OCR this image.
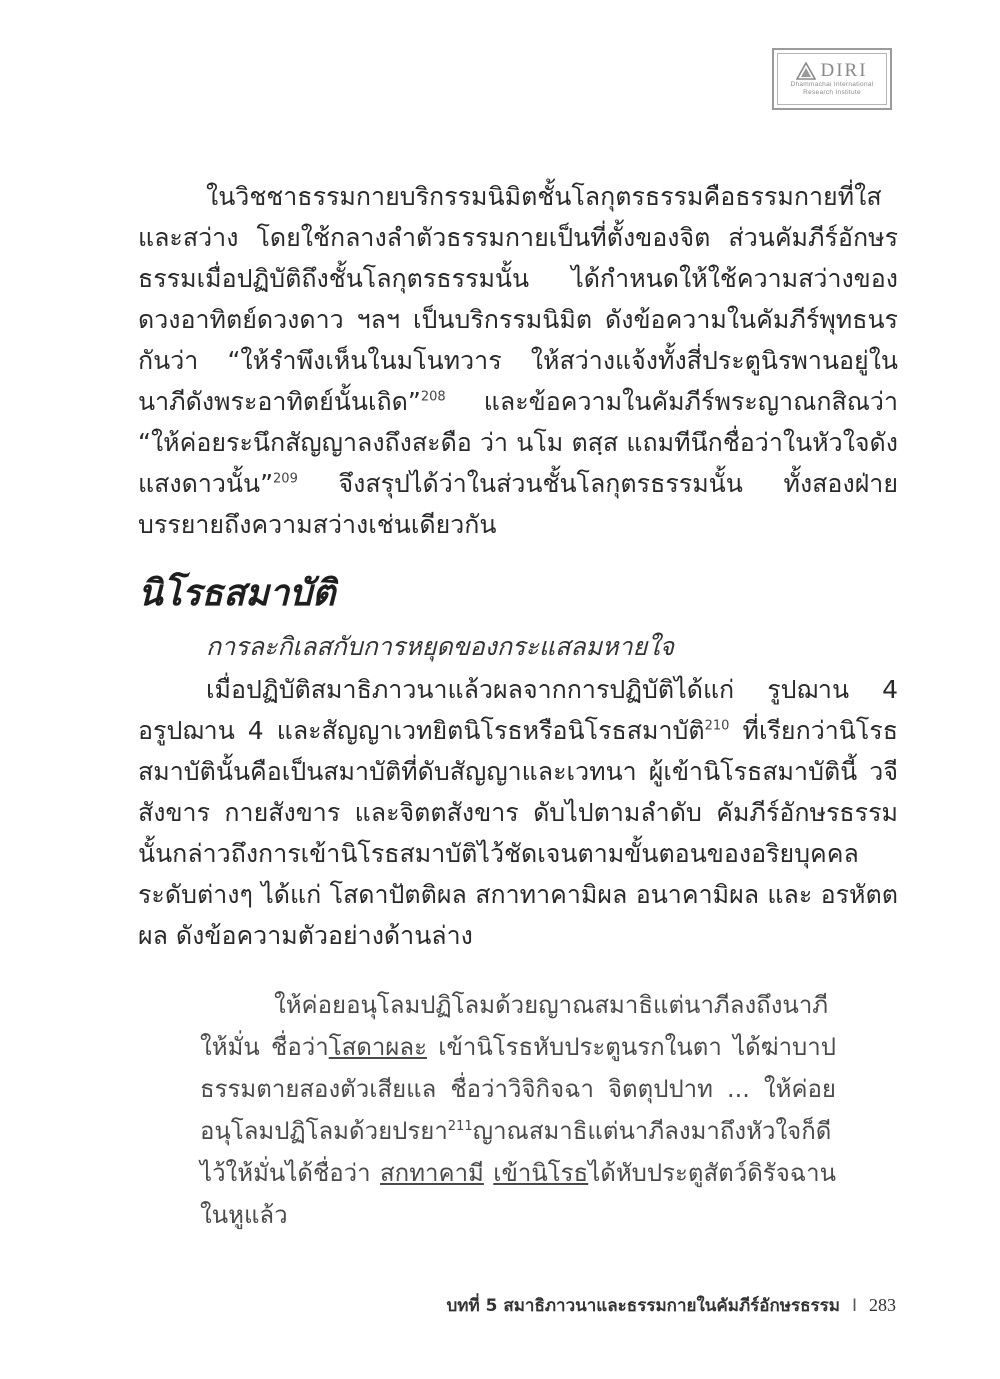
DIRI
Dhammachai International
Research Institute

ในวิชชาธรรมกายบริกรรมนิมิตชั้นโลกุตรธรรมคือธรรมกายที่ใสและสว่าง โดยใช้กลางลำตัวธรรมกายเป็นที่ตั้งของจิต ส่วนคัมภีร์อักษรธรรมเมื่อปฏิบัติถึงชั้นโลกุตรธรรมนั้น ได้กำหนดให้ใช้ความสว่างของดวงอาทิตย์ดวงดาว ฯลฯ เป็นบริกรรมนิมิต ดังข้อความในคัมภีร์พุทธนรกันว่า “ให้รำพึงเห็นในมโนทวาร ให้สว่างแจ้งทั้งสี่ประตูนิรพานอยู่ในนาภีดังพระอาทิตย์นั้นเถิด”$^{208}$ และข้อความในคัมภีร์พระญาณกสิณว่า “ให้ค่อยระนึกสัญญาลงถึงสะดือ ว่า นโม ตสฺส แถมทีนึกชื่อว่าในหัวใจดังแสงดาวนั้น”$^{209}$ จึงสรุปได้ว่าในส่วนชั้นโลกุตรธรรมนั้น ทั้งสองฝ่ายบรรยายถึงความสว่างเช่นเดียวกัน

นิโรธสมาบัติ
การละกิเลสกับการหยุดของกระแสลมหายใจ

เมื่อปฏิบัติสมาธิภาวนาแล้วผลจากการปฏิบัติได้แก่ รูปฌาน 4 อรูปฌาน 4 และสัญญาเวทยิตนิโรธหรือนิโรธสมาบัติ$^{210}$ ที่เรียกว่านิโรธสมาบัตินั้นคือเป็นสมาบัติที่ดับสัญญาและเวทนา ผู้เข้านิโรธสมาบัตินี้ วจีสังขาร กายสังขาร และจิตตสังขาร ดับไปตามลำดับ คัมภีร์อักษรธรรมนั้นกล่าวถึงการเข้านิโรธสมาบัติไว้ชัดเจนตามขั้นตอนของอริยบุคคลระดับต่างๆ ได้แก่ โสดาปัตติผล สกาทาคามิผล อนาคามิผล และ อรหัตตผล ดังข้อความตัวอย่างด้านล่าง

ให้ค่อยอนุโลมปฏิโลมด้วยญาณสมาธิแต่นาภีลงถึงนาภีให้มั่น ชื่อว่าโสดาผละ เข้านิโรธหับประตูนรกในตา ได้ฆ่าบาปธรรมตายสองตัวเสียแล ชื่อว่าวิจิกิจฉา จิตตุปปาท ... ให้ค่อยอนุโลมปฏิโลมด้วยปรยา$^{211}$ญาณสมาธิแต่นาภีลงมาถึงหัวใจก็ดีไว้ให้มั่นได้ชื่อว่า สกทาคามี เข้านิโรธได้หับประตูสัตว์ดิรัจฉานในหูแล้ว

บทที่ 5 สมาธิภาวนาและธรรมกายในคัมภีร์อักษรธรรม I 283
